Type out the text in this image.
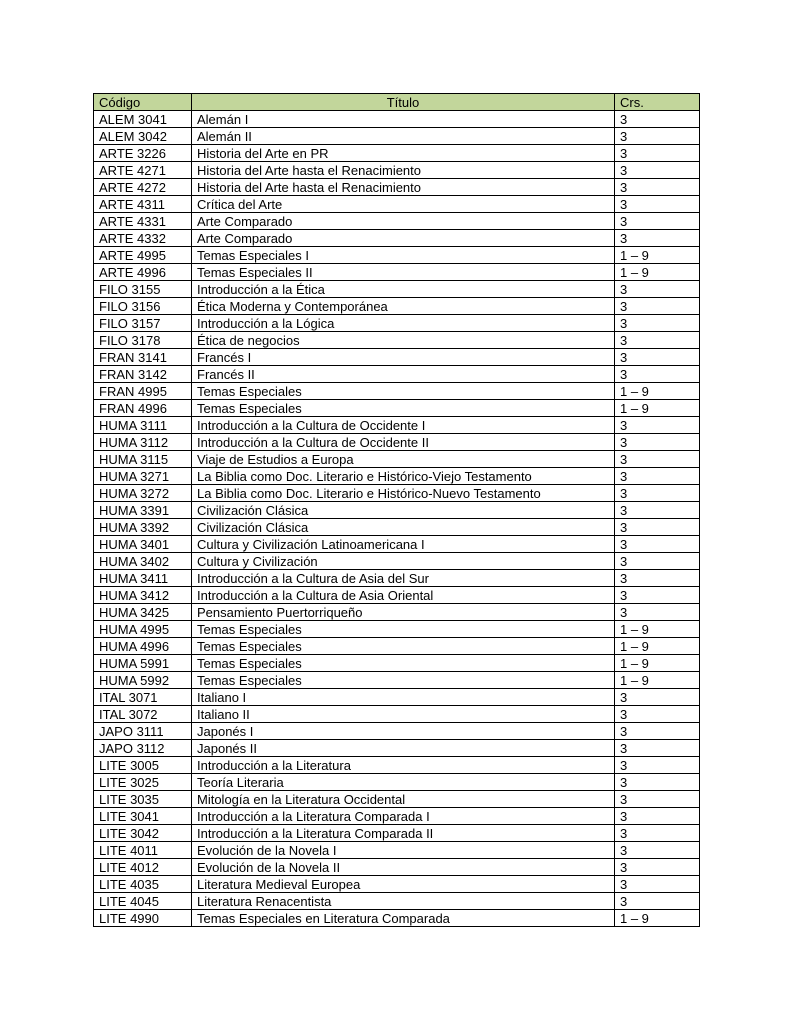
Código	Título	Crs.
ALEM 3041	Alemán I	3
ALEM 3042	Alemán II	3
ARTE 3226	Historia del Arte en PR	3
ARTE 4271	Historia del Arte hasta el Renacimiento	3
ARTE 4272	Historia del Arte hasta el Renacimiento	3
ARTE 4311	Crítica del Arte	3
ARTE 4331	Arte Comparado	3
ARTE 4332	Arte Comparado	3
ARTE 4995	Temas Especiales I	1 – 9
ARTE 4996	Temas Especiales II	1 – 9
FILO 3155	Introducción a la Ética	3
FILO 3156	Ética Moderna y Contemporánea	3
FILO 3157	Introducción a la Lógica	3
FILO 3178	Ética de negocios	3
FRAN 3141	Francés I	3
FRAN 3142	Francés II	3
FRAN 4995	Temas Especiales	1 – 9
FRAN 4996	Temas Especiales	1 – 9
HUMA 3111	Introducción a la Cultura de Occidente I	3
HUMA 3112	Introducción a la Cultura de Occidente II	3
HUMA 3115	Viaje de Estudios a Europa	3
HUMA 3271	La Biblia como Doc. Literario e Histórico-Viejo Testamento	3
HUMA 3272	La Biblia como Doc. Literario e Histórico-Nuevo Testamento	3
HUMA 3391	Civilización Clásica	3
HUMA 3392	Civilización Clásica	3
HUMA 3401	Cultura y Civilización Latinoamericana I	3
HUMA 3402	Cultura y Civilización	3
HUMA 3411	Introducción a la Cultura de Asia del Sur	3
HUMA 3412	Introducción a la Cultura de Asia Oriental	3
HUMA 3425	Pensamiento Puertorriqueño	3
HUMA 4995	Temas Especiales	1 – 9
HUMA 4996	Temas Especiales	1 – 9
HUMA 5991	Temas Especiales	1 – 9
HUMA 5992	Temas Especiales	1 – 9
ITAL 3071	Italiano I	3
ITAL 3072	Italiano II	3
JAPO 3111	Japonés I	3
JAPO 3112	Japonés II	3
LITE 3005	Introducción a la Literatura	3
LITE 3025	Teoría Literaria	3
LITE 3035	Mitología en la Literatura Occidental	3
LITE 3041	Introducción a la Literatura Comparada I	3
LITE 3042	Introducción a la Literatura Comparada II	3
LITE 4011	Evolución de la Novela I	3
LITE 4012	Evolución de la Novela II	3
LITE 4035	Literatura Medieval Europea	3
LITE 4045	Literatura Renacentista	3
LITE 4990	Temas Especiales en Literatura Comparada	1 – 9
